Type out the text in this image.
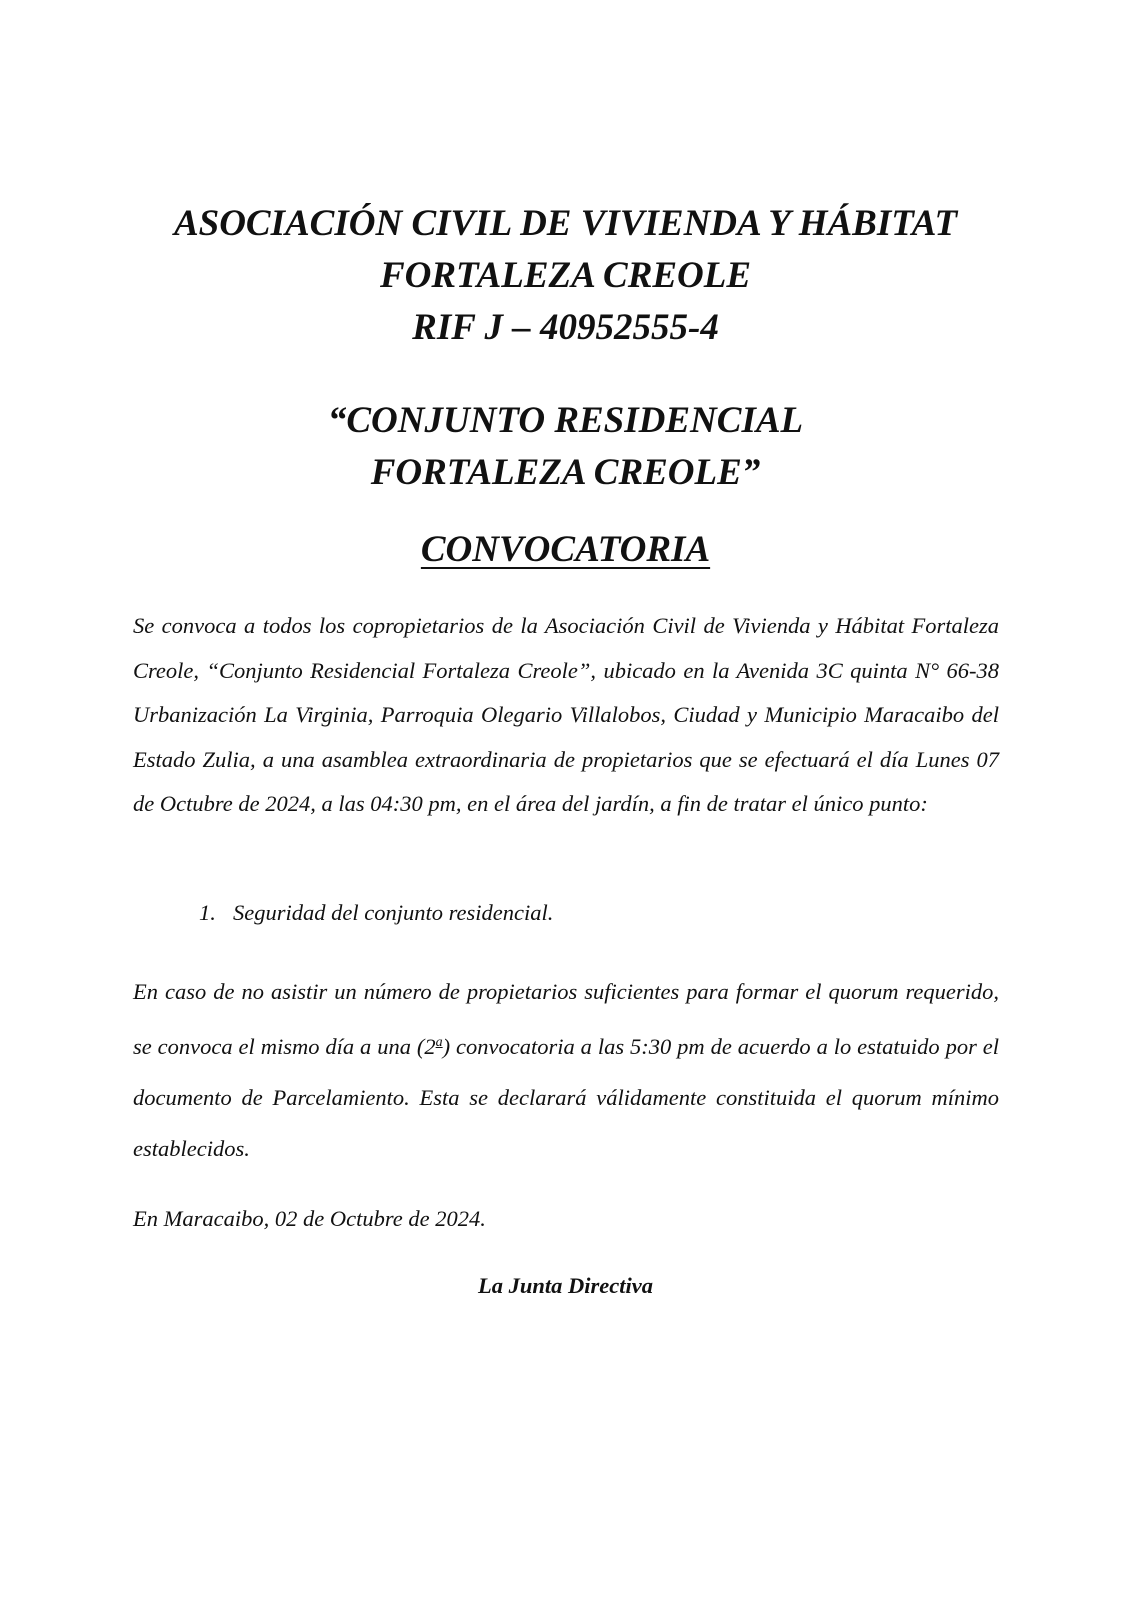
ASOCIACIÓN CIVIL DE VIVIENDA Y HÁBITAT
FORTALEZA CREOLE
RIF J – 40952555-4
“CONJUNTO RESIDENCIAL
FORTALEZA CREOLE”
CONVOCATORIA

Se convoca a todos los copropietarios de la Asociación Civil de Vivienda y Hábitat Fortaleza Creole, “Conjunto Residencial Fortaleza Creole”, ubicado en la Avenida 3C quinta N° 66-38 Urbanización La Virginia, Parroquia Olegario Villalobos, Ciudad y Municipio Maracaibo del Estado Zulia, a una asamblea extraordinaria de propietarios que se efectuará el día Lunes 07 de Octubre de 2024, a las 04:30 pm, en el área del jardín, a fin de tratar el único punto:

1. Seguridad del conjunto residencial.

En caso de no asistir un número de propietarios suficientes para formar el quorum requerido, se convoca el mismo día a una (2$^a$) convocatoria a las 5:30 pm de acuerdo a lo estatuido por el documento de Parcelamiento. Esta se declarará válidamente constituida el quorum mínimo establecidos.

En Maracaibo, 02 de Octubre de 2024.

La Junta Directiva
